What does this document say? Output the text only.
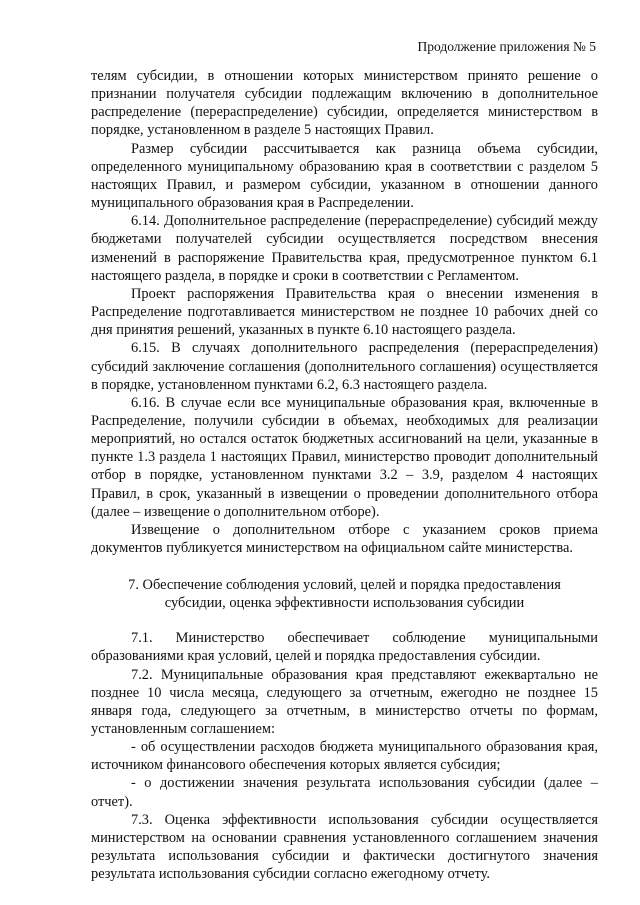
Продолжение приложения № 5

телям субсидии, в отношении которых министерством принято решение о признании получателя субсидии подлежащим включению в дополнительное распределение (перераспределение) субсидии, определяется министерством в порядке, установленном в разделе 5 настоящих Правил.

Размер субсидии рассчитывается как разница объема субсидии, определенного муниципальному образованию края в соответствии с разделом 5 настоящих Правил, и размером субсидии, указанном в отношении данного муниципального образования края в Распределении.

6.14. Дополнительное распределение (перераспределение) субсидий между бюджетами получателей субсидии осуществляется посредством внесения изменений в распоряжение Правительства края, предусмотренное пунктом 6.1 настоящего раздела, в порядке и сроки в соответствии с Регламентом.

Проект распоряжения Правительства края о внесении изменения в Распределение подготавливается министерством не позднее 10 рабочих дней со дня принятия решений, указанных в пункте 6.10 настоящего раздела.

6.15. В случаях дополнительного распределения (перераспределения) субсидий заключение соглашения (дополнительного соглашения) осуществляется в порядке, установленном пунктами 6.2, 6.3 настоящего раздела.

6.16. В случае если все муниципальные образования края, включенные в Распределение, получили субсидии в объемах, необходимых для реализации мероприятий, но остался остаток бюджетных ассигнований на цели, указанные в пункте 1.3 раздела 1 настоящих Правил, министерство проводит дополнительный отбор в порядке, установленном пунктами 3.2 – 3.9, разделом 4 настоящих Правил, в срок, указанный в извещении о проведении дополнительного отбора (далее – извещение о дополнительном отборе).

Извещение о дополнительном отборе с указанием сроков приема документов публикуется министерством на официальном сайте министерства.

7. Обеспечение соблюдения условий, целей и порядка предоставления субсидии, оценка эффективности использования субсидии

7.1. Министерство обеспечивает соблюдение муниципальными образованиями края условий, целей и порядка предоставления субсидии.

7.2. Муниципальные образования края представляют ежеквартально не позднее 10 числа месяца, следующего за отчетным, ежегодно не позднее 15 января года, следующего за отчетным, в министерство отчеты по формам, установленным соглашением:

- об осуществлении расходов бюджета муниципального образования края, источником финансового обеспечения которых является субсидия;

- о достижении значения результата использования субсидии (далее – отчет).

7.3. Оценка эффективности использования субсидии осуществляется министерством на основании сравнения установленного соглашением значения результата использования субсидии и фактически достигнутого значения результата использования субсидии согласно ежегодному отчету.
